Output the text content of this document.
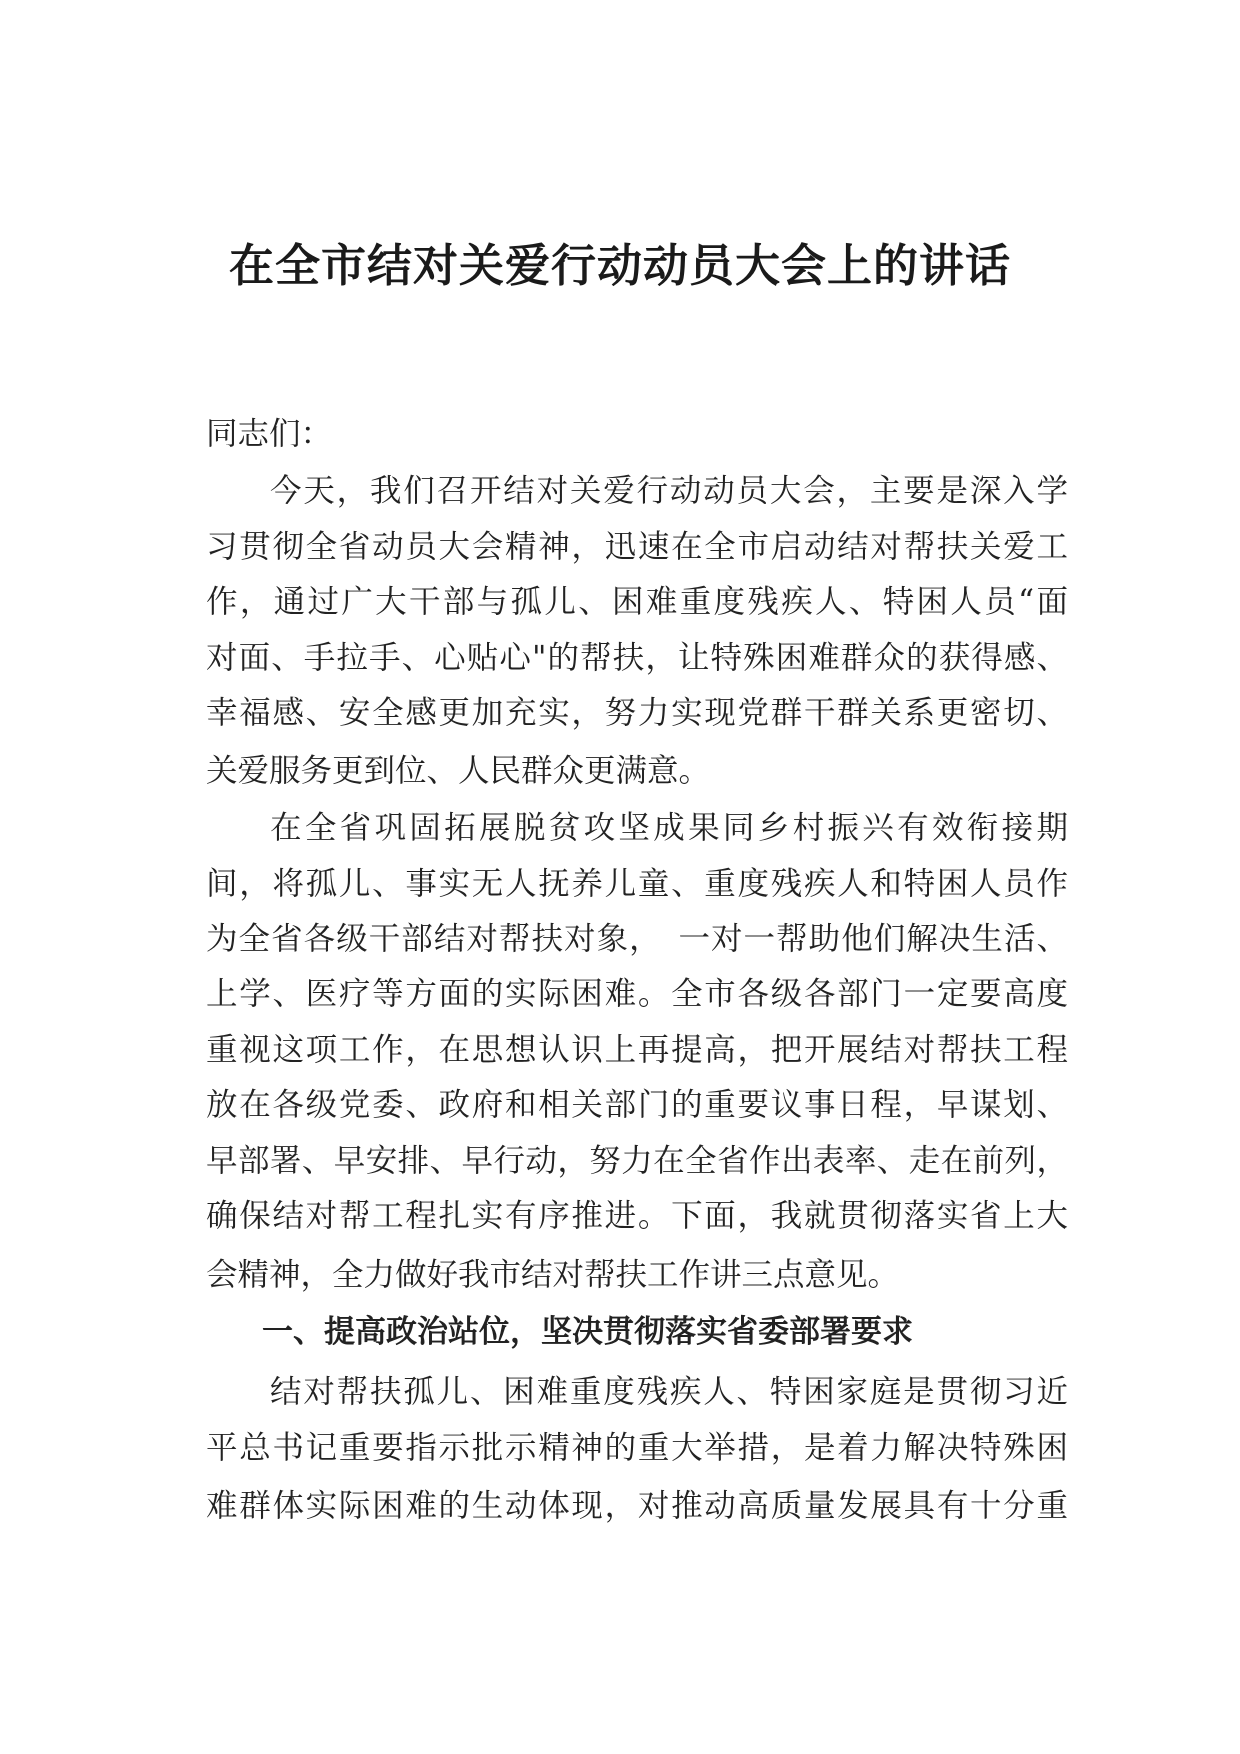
在全市结对关爱行动动员大会上的讲话
同志们：
今天，我们召开结对关爱行动动员大会，主要是深入学
习贯彻全省动员大会精神，迅速在全市启动结对帮扶关爱工
作，通过广大干部与孤儿、困难重度残疾人、特困人员“面
对面、手拉手、心贴心"的帮扶，让特殊困难群众的获得感、
幸福感、安全感更加充实，努力实现党群干群关系更密切、
关爱服务更到位、人民群众更满意。
在全省巩固拓展脱贫攻坚成果同乡村振兴有效衔接期
间，将孤儿、事实无人抚养儿童、重度残疾人和特困人员作
为全省各级干部结对帮扶对象，　一对一帮助他们解决生活、
上学、医疗等方面的实际困难。全市各级各部门一定要高度
重视这项工作，在思想认识上再提高，把开展结对帮扶工程
放在各级党委、政府和相关部门的重要议事日程，早谋划、
早部署、早安排、早行动，努力在全省作出表率、走在前列，
确保结对帮工程扎实有序推进。下面，我就贯彻落实省上大
会精神，全力做好我市结对帮扶工作讲三点意见。
一、提高政治站位，坚决贯彻落实省委部署要求
结对帮扶孤儿、困难重度残疾人、特困家庭是贯彻习近
平总书记重要指示批示精神的重大举措，是着力解决特殊困
难群体实际困难的生动体现，对推动高质量发展具有十分重
